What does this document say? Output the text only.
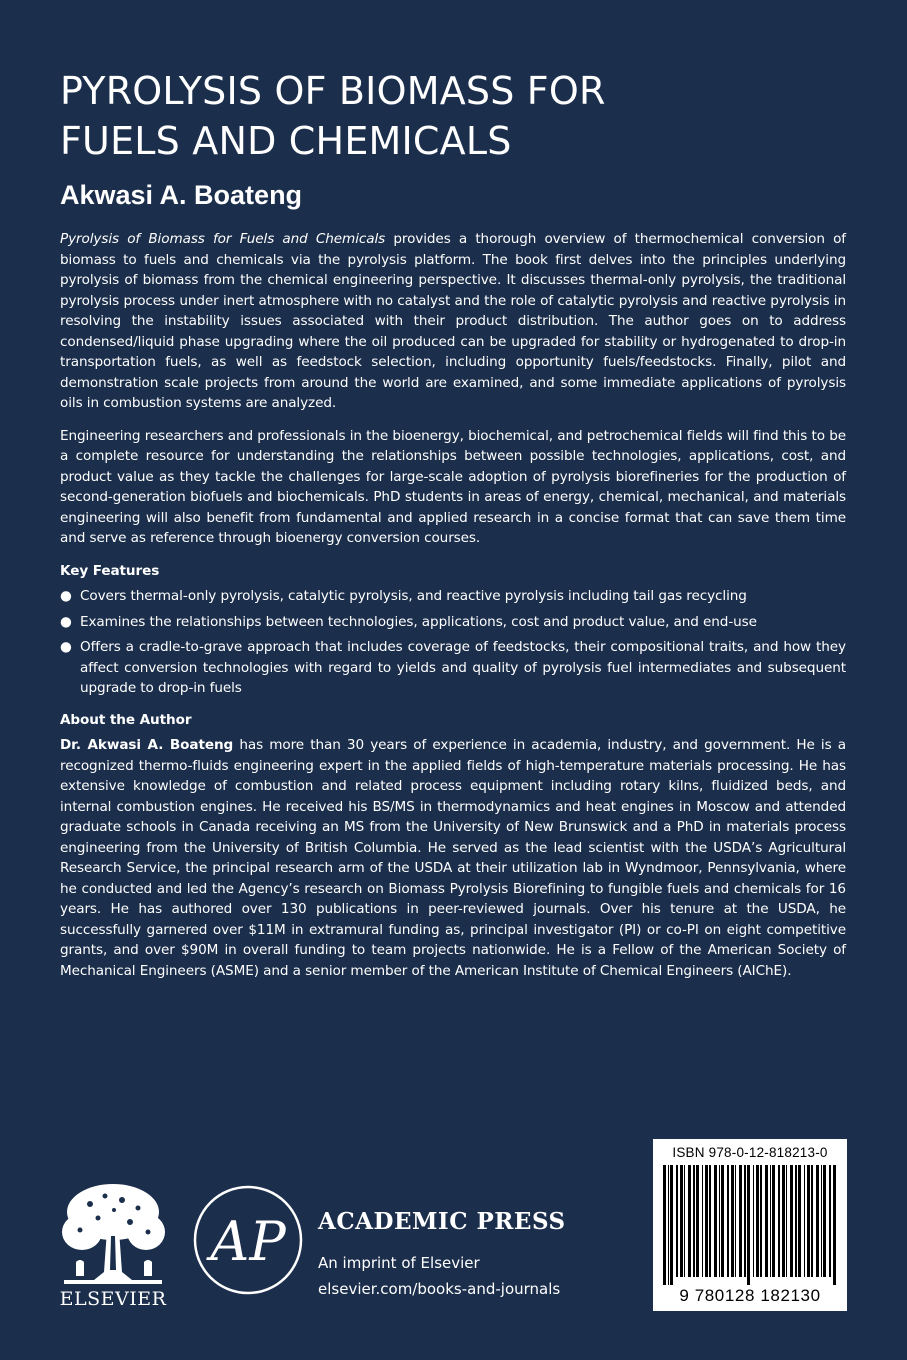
PYROLYSIS OF BIOMASS FOR
FUELS AND CHEMICALS
Akwasi A. Boateng

Pyrolysis of Biomass for Fuels and Chemicals provides a thorough overview of thermochemical conversion of biomass to fuels and chemicals via the pyrolysis platform. The book first delves into the principles underlying pyrolysis of biomass from the chemical engineering perspective. It discusses thermal-only pyrolysis, the traditional pyrolysis process under inert atmosphere with no catalyst and the role of catalytic pyrolysis and reactive pyrolysis in resolving the instability issues associated with their product distribution. The author goes on to address condensed/liquid phase upgrading where the oil produced can be upgraded for stability or hydrogenated to drop-in transportation fuels, as well as feedstock selection, including opportunity fuels/feedstocks. Finally, pilot and demonstration scale projects from around the world are examined, and some immediate applications of pyrolysis oils in combustion systems are analyzed.

Engineering researchers and professionals in the bioenergy, biochemical, and petrochemical fields will find this to be a complete resource for understanding the relationships between possible technologies, applications, cost, and product value as they tackle the challenges for large-scale adoption of pyrolysis biorefineries for the production of second-generation biofuels and biochemicals. PhD students in areas of energy, chemical, mechanical, and materials engineering will also benefit from fundamental and applied research in a concise format that can save them time and serve as reference through bioenergy conversion courses.

Key Features
● Covers thermal-only pyrolysis, catalytic pyrolysis, and reactive pyrolysis including tail gas recycling
● Examines the relationships between technologies, applications, cost and product value, and end-use
● Offers a cradle-to-grave approach that includes coverage of feedstocks, their compositional traits, and how they affect conversion technologies with regard to yields and quality of pyrolysis fuel intermediates and subsequent upgrade to drop-in fuels
About the Author

Dr. Akwasi A. Boateng has more than 30 years of experience in academia, industry, and government. He is a recognized thermo-fluids engineering expert in the applied fields of high-temperature materials processing. He has extensive knowledge of combustion and related process equipment including rotary kilns, fluidized beds, and internal combustion engines. He received his BS/MS in thermodynamics and heat engines in Moscow and attended graduate schools in Canada receiving an MS from the University of New Brunswick and a PhD in materials process engineering from the University of British Columbia. He served as the lead scientist with the USDA’s Agricultural Research Service, the principal research arm of the USDA at their utilization lab in Wyndmoor, Pennsylvania, where he conducted and led the Agency’s research on Biomass Pyrolysis Biorefining to fungible fuels and chemicals for 16 years. He has authored over 130 publications in peer-reviewed journals. Over his tenure at the USDA, he successfully garnered over $11M in extramural funding as, principal investigator (PI) or co-PI on eight competitive grants, and over $90M in overall funding to team projects nationwide. He is a Fellow of the American Society of Mechanical Engineers (ASME) and a senior member of the American Institute of Chemical Engineers (AIChE).

ELSEVIER
AP ACADEMIC PRESS
An imprint of Elsevier
elsevier.com/books-and-journals
ISBN 978-0-12-818213-0
9 780128 182130
